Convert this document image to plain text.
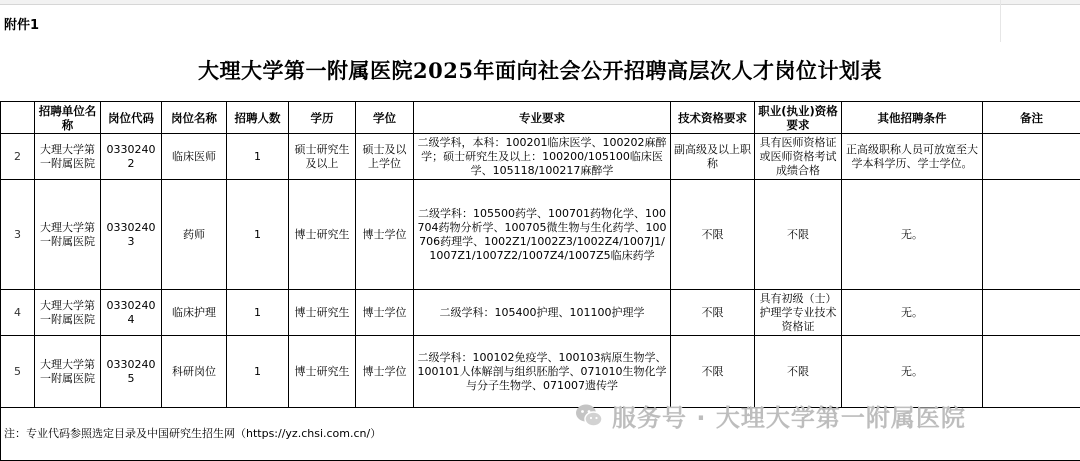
附件1
大理大学第一附属医院2025年面向社会公开招聘高层次人才岗位计划表
	招聘单位名称	岗位代码	岗位名称	招聘人数	学历	学位	专业要求	技术资格要求	职业(执业)资格要求	其他招聘条件	备注
2	大理大学第一附属医院	03302402	临床医师	1	硕士研究生及以上	硕士及以上学位	二级学科，本科：100201临床医学、100202麻醉学；硕士研究生及以上：100200/105100临床医学、105118/100217麻醉学	副高级及以上职称	具有医师资格证或医师资格考试成绩合格	正高级职称人员可放宽至大学本科学历、学士学位。	
3	大理大学第一附属医院	03302403	药师	1	博士研究生	博士学位	二级学科：105500药学、100701药物化学、100704药物分析学、100705微生物与生化药学、100706药理学、1002Z1/1002Z3/1002Z4/1007J1/1007Z1/1007Z2/1007Z4/1007Z5临床药学	不限	不限	无。	
4	大理大学第一附属医院	03302404	临床护理	1	博士研究生	博士学位	二级学科：105400护理、101100护理学	不限	具有初级（士）护理学专业技术资格证	无。	
5	大理大学第一附属医院	03302405	科研岗位	1	博士研究生	博士学位	二级学科：100102免疫学、100103病原生物学、100101人体解剖与组织胚胎学、071010生物化学与分子生物学、071007遗传学	不限	不限	无。	
注：专业代码参照选定目录及中国研究生招生网（https://yz.chsi.com.cn/）											
服务号 · 大理大学第一附属医院
